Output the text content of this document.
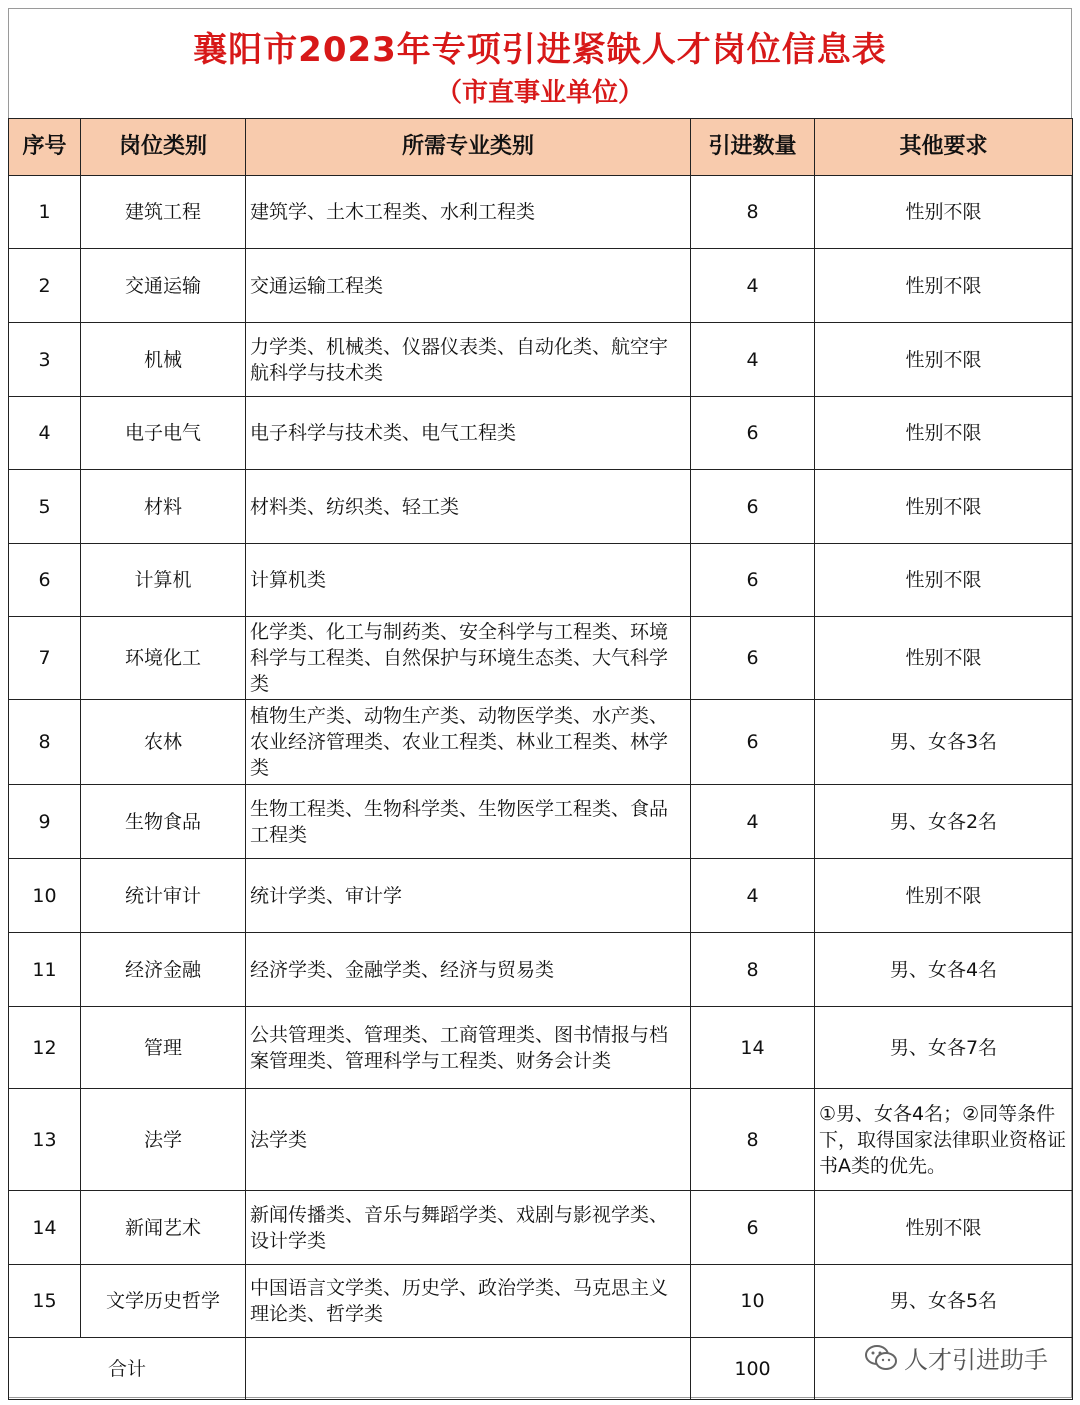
襄阳市2023年专项引进紧缺人才岗位信息表
（市直事业单位）
序号	岗位类别	所需专业类别	引进数量	其他要求
1	建筑工程	建筑学、土木工程类、水利工程类	8	性别不限
2	交通运输	交通运输工程类	4	性别不限
3	机械	力学类、机械类、仪器仪表类、自动化类、航空宇航科学与技术类	4	性别不限
4	电子电气	电子科学与技术类、电气工程类	6	性别不限
5	材料	材料类、纺织类、轻工类	6	性别不限
6	计算机	计算机类	6	性别不限
7	环境化工	化学类、化工与制药类、安全科学与工程类、环境科学与工程类、自然保护与环境生态类、大气科学类	6	性别不限
8	农林	植物生产类、动物生产类、动物医学类、水产类、农业经济管理类、农业工程类、林业工程类、林学类	6	男、女各3名
9	生物食品	生物工程类、生物科学类、生物医学工程类、食品工程类	4	男、女各2名
10	统计审计	统计学类、审计学	4	性别不限
11	经济金融	经济学类、金融学类、经济与贸易类	8	男、女各4名
12	管理	公共管理类、管理类、工商管理类、图书情报与档案管理类、管理科学与工程类、财务会计类	14	男、女各7名
13	法学	法学类	8	①男、女各4名；②同等条件下，取得国家法律职业资格证书A类的优先。
14	新闻艺术	新闻传播类、音乐与舞蹈学类、戏剧与影视学类、设计学类	6	性别不限
15	文学历史哲学	中国语言文学类、历史学、政治学类、马克思主义理论类、哲学类	10	男、女各5名
合计			100		人才引进助手
